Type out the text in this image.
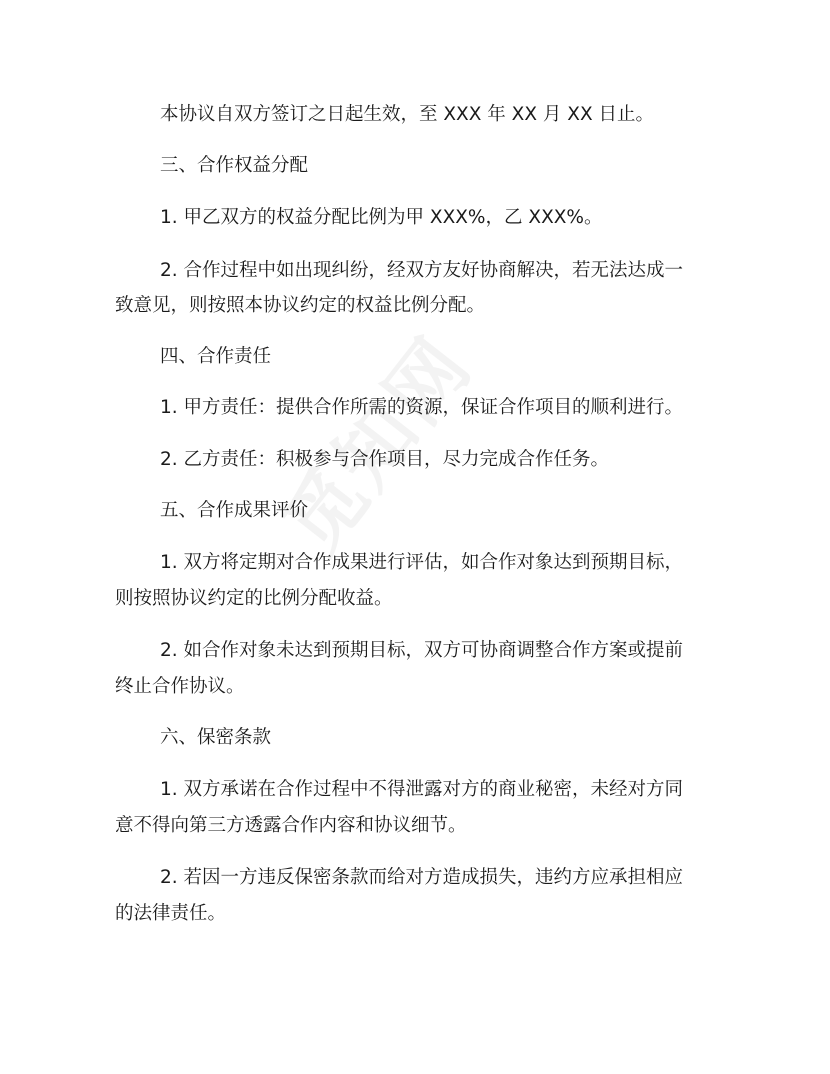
本协议自双方签订之日起生效，至 XXX 年 XX 月 XX 日止。
三、合作权益分配
1. 甲乙双方的权益分配比例为甲 XXX%，乙 XXX%。
2. 合作过程中如出现纠纷，经双方友好协商解决，若无法达成一
致意见，则按照本协议约定的权益比例分配。
四、合作责任
1. 甲方责任：提供合作所需的资源，保证合作项目的顺利进行。
2. 乙方责任：积极参与合作项目，尽力完成合作任务。
五、合作成果评价
1. 双方将定期对合作成果进行评估，如合作对象达到预期目标，
则按照协议约定的比例分配收益。
2. 如合作对象未达到预期目标，双方可协商调整合作方案或提前
终止合作协议。
六、保密条款
1. 双方承诺在合作过程中不得泄露对方的商业秘密，未经对方同
意不得向第三方透露合作内容和协议细节。
2. 若因一方违反保密条款而给对方造成损失，违约方应承担相应
的法律责任。
